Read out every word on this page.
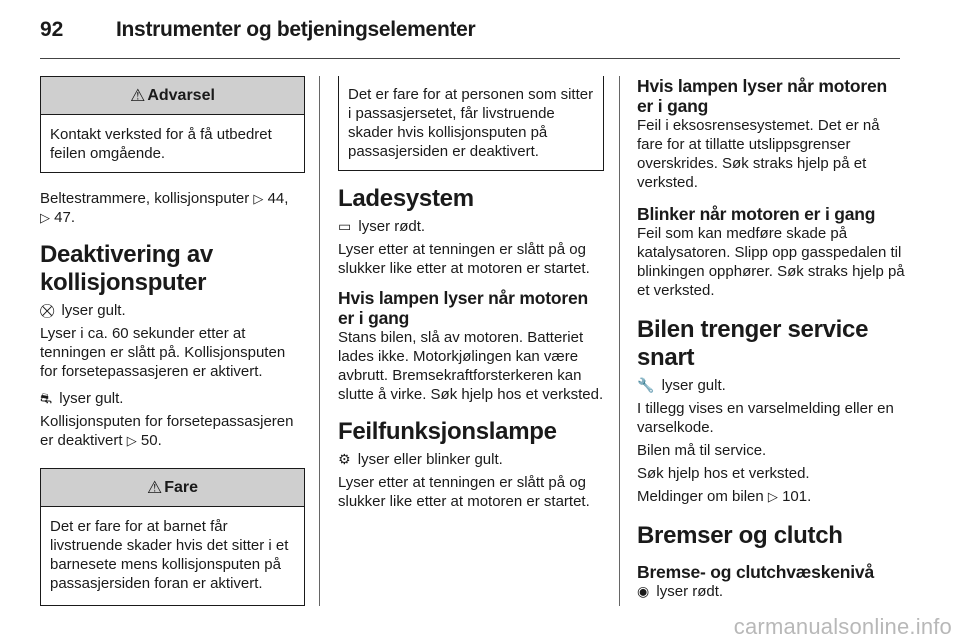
92	Instrumenter og betjeningselementer
⚠ Advarsel
Kontakt verksted for å få utbedret feilen omgående.

Beltestrammere, kollisjonsputer ▷ 44,
▷ 47.

Deaktivering av kollisjonsputer

⛒ lyser gult.

Lyser i ca. 60 sekunder etter at tenningen er slått på. Kollisjonsputen for forsetepassasjeren er aktivert.

⛐ lyser gult.

Kollisjonsputen for forsetepassasjeren er deaktivert ▷ 50.

⚠ Fare
Det er fare for at barnet får livstruende skader hvis det sitter i et barnesete mens kollisjonsputen på passasjersiden foran er aktivert.
Det er fare for at personen som sitter i passasjersetet, får livstruende skader hvis kollisjonsputen på passasjersiden er deaktivert.
Ladesystem

▭ lyser rødt.

Lyser etter at tenningen er slått på og slukker like etter at motoren er startet.

Hvis lampen lyser når motoren er i gang

Stans bilen, slå av motoren. Batteriet lades ikke. Motorkjølingen kan være avbrutt. Bremsekraftforsterkeren kan slutte å virke. Søk hjelp hos et verksted.

Feilfunksjonslampe

⚙ lyser eller blinker gult.

Lyser etter at tenningen er slått på og slukker like etter at motoren er startet.

Hvis lampen lyser når motoren er i gang

Feil i eksosrensesystemet. Det er nå fare for at tillatte utslippsgrenser overskrides. Søk straks hjelp på et verksted.

Blinker når motoren er i gang

Feil som kan medføre skade på katalysatoren. Slipp opp gasspedalen til blinkingen opphører. Søk straks hjelp på et verksted.

Bilen trenger service snart

🔧 lyser gult.

I tillegg vises en varselmelding eller en varselkode.

Bilen må til service.

Søk hjelp hos et verksted.

Meldinger om bilen ▷ 101.

Bremser og clutch
Bremse- og clutchvæskenivå

◉ lyser rødt.

carmanualsonline.info
